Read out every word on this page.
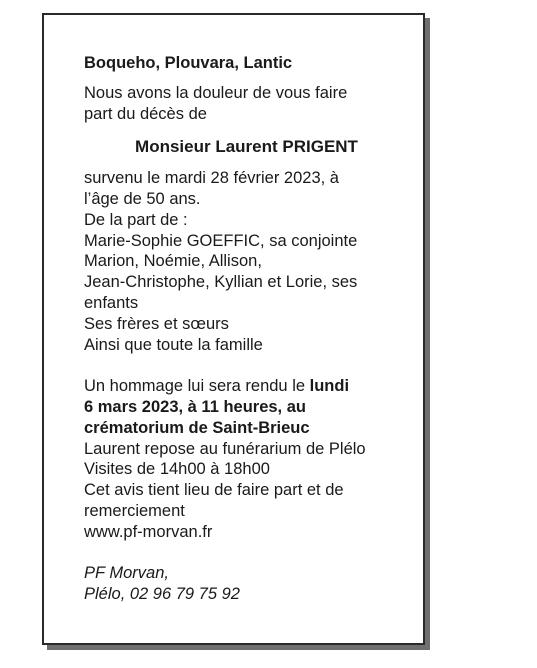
Boqueho, Plouvara, Lantic

Nous avons la douleur de vous faire part du décès de

Monsieur Laurent PRIGENT

survenu le mardi 28 février 2023, à

l’âge de 50 ans.

De la part de :

Marie-Sophie GOEFFIC, sa conjointe

Marion, Noémie, Allison,

Jean-Christophe, Kyllian et Lorie, ses

enfants

Ses frères et sœurs

Ainsi que toute la famille

Un hommage lui sera rendu le lundi

6 mars 2023, à 11 heures, au

crématorium de Saint-Brieuc

Laurent repose au funérarium de Plélo

Visites de 14h00 à 18h00

Cet avis tient lieu de faire part et de

remerciement

www.pf-morvan.fr

PF Morvan,

Plélo, 02 96 79 75 92
